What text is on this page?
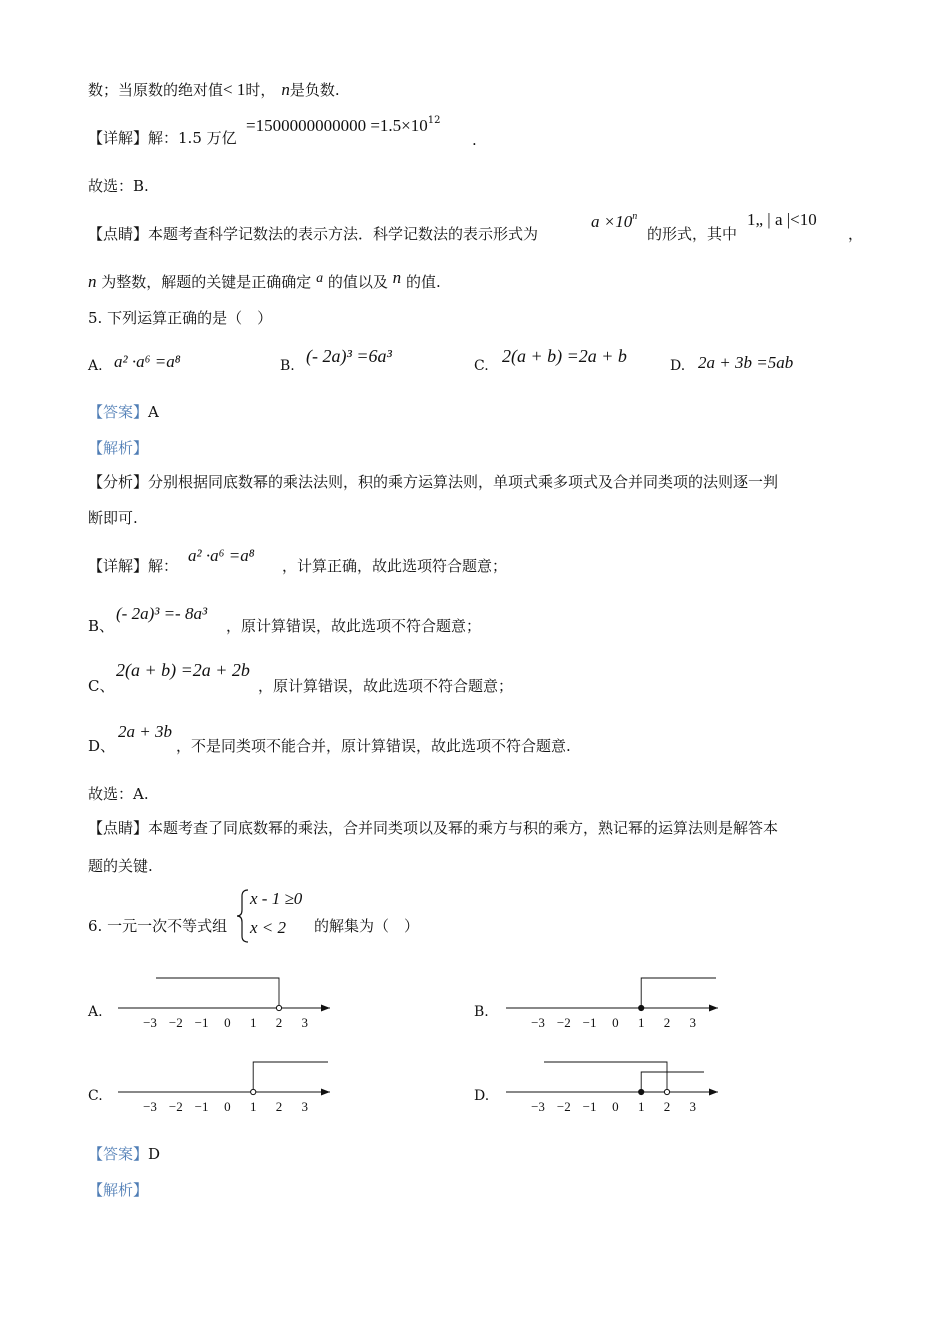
数；当原数的绝对值< 1时， n是负数.
【详解】解：1.5 万亿
$=1500000000000 =1.5\times 10^{12}$
.
故选：B.
【点睛】本题考查科学记数法的表示方法．科学记数法的表示形式为
$a \times 10^n$
的形式，其中
1„ | a |<10
，
n 为整数，解题的关键是正确确定 a 的值以及 n 的值.
5. 下列运算正确的是（　）
A. a² ·a⁶ =a⁸	B. (- 2a)³ =6a³	C. 2(a + b) =2a + b	D. 2a + 3b =5ab
【答案】A
【解析】
【分析】分别根据同底数幂的乘法法则，积的乘方运算法则，单项式乘多项式及合并同类项的法则逐一判
断即可.
【详解】解：
a² ·a⁶ =a⁸
，计算正确，故此选项符合题意；
B、
(- 2a)³ =- 8a³
，原计算错误，故此选项不符合题意；
C、
2(a + b) =2a + 2b
，原计算错误，故此选项不符合题意；
D、
2a + 3b
，不是同类项不能合并，原计算错误，故此选项不符合题意.
故选：A.
【点睛】本题考查了同底数幂的乘法，合并同类项以及幂的乘方与积的乘方，熟记幂的运算法则是解答本
题的关键.
6. 一元一次不等式组
x - 1 ≥0
x < 2 的解集为（　）
A.	B.
C.	D.
−3 −2 −1 0 1 2 3	−3 −2 −1 0 1 2 3
−3 −2 −1 0 1 2 3	−3 −2 −1 0 1 2 3
【答案】D
【解析】
